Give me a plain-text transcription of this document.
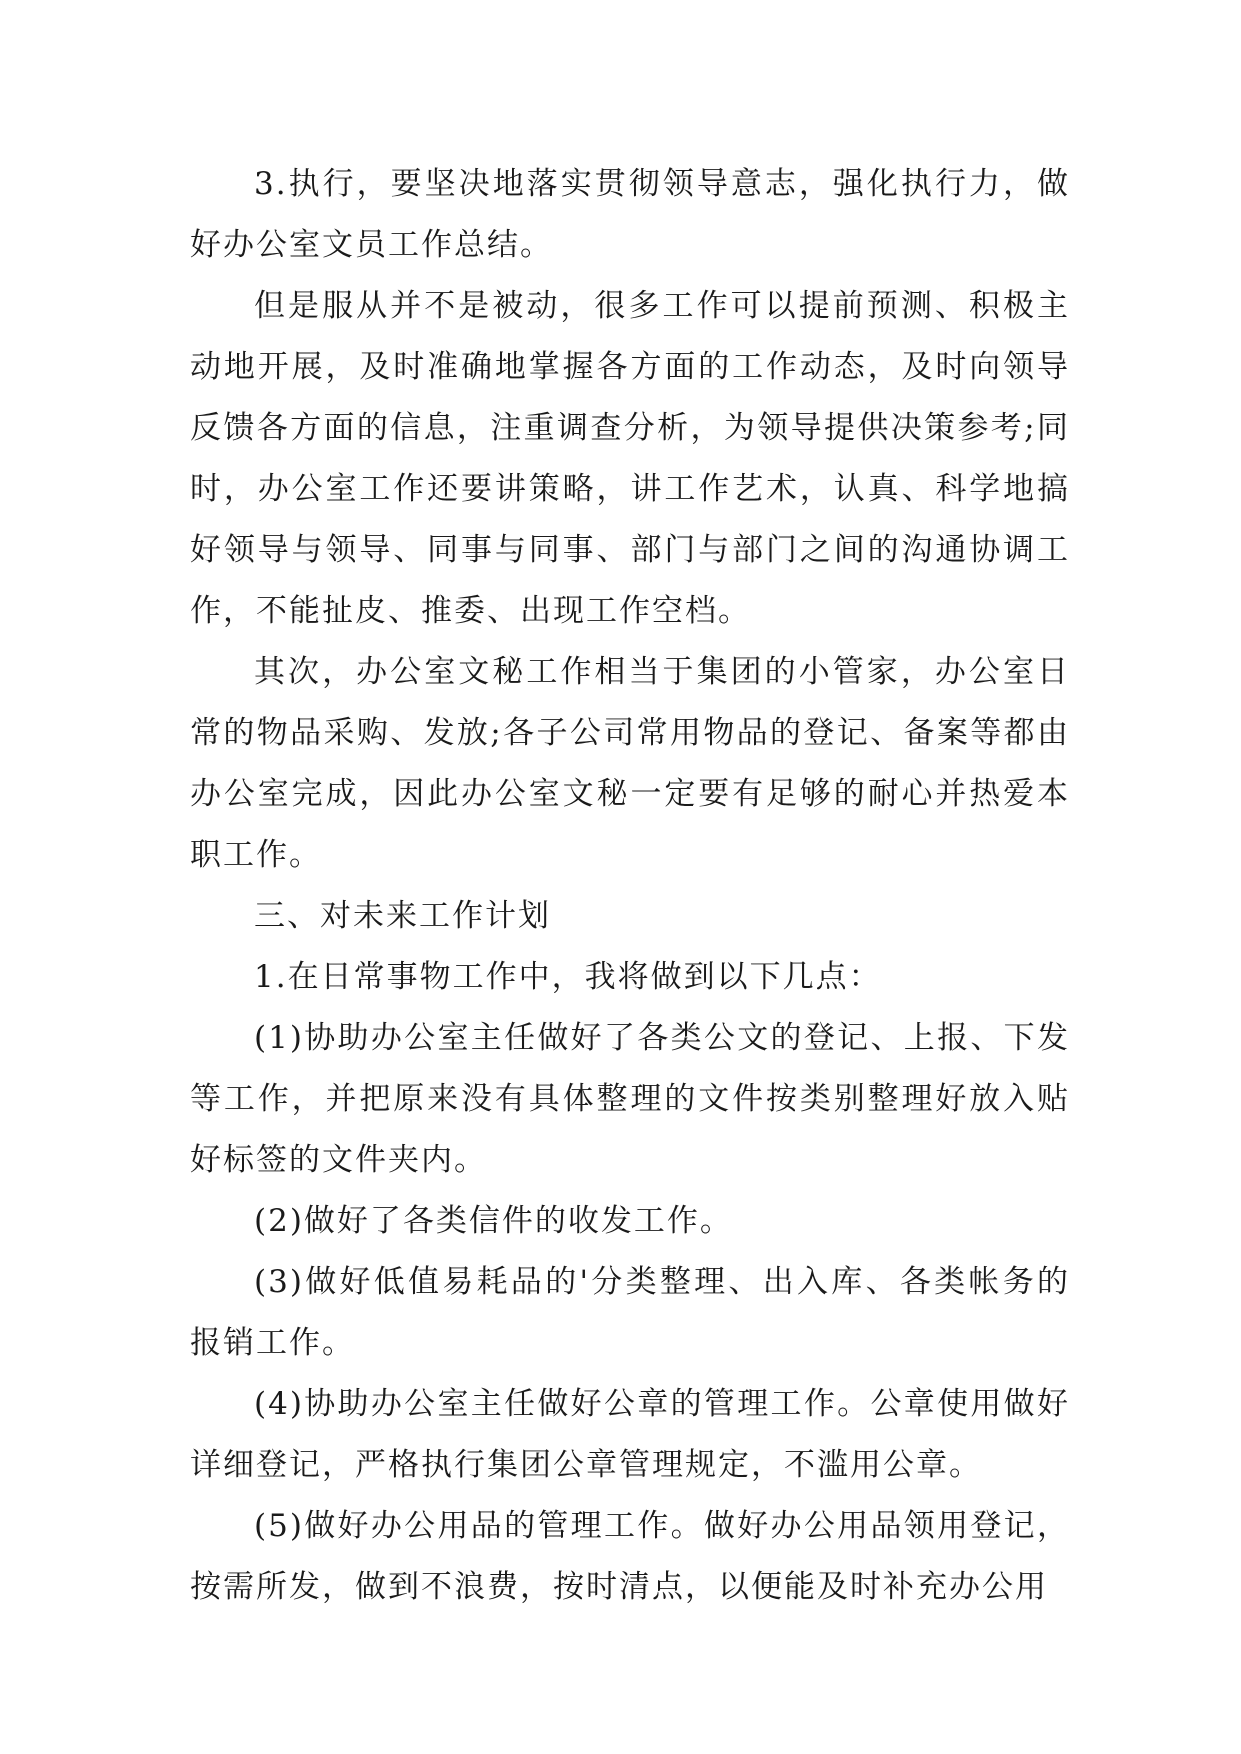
3.执行，要坚决地落实贯彻领导意志，强化执行力，做好办公室文员工作总结。

但是服从并不是被动，很多工作可以提前预测、积极主动地开展，及时准确地掌握各方面的工作动态，及时向领导反馈各方面的信息，注重调查分析，为领导提供决策参考;同时，办公室工作还要讲策略，讲工作艺术，认真、科学地搞好领导与领导、同事与同事、部门与部门之间的沟通协调工作，不能扯皮、推委、出现工作空档。

其次，办公室文秘工作相当于集团的小管家，办公室日常的物品采购、发放;各子公司常用物品的登记、备案等都由办公室完成，因此办公室文秘一定要有足够的耐心并热爱本职工作。

三、对未来工作计划

1.在日常事物工作中，我将做到以下几点：

(1)协助办公室主任做好了各类公文的登记、上报、下发等工作，并把原来没有具体整理的文件按类别整理好放入贴好标签的文件夹内。

(2)做好了各类信件的收发工作。

(3)做好低值易耗品的'分类整理、出入库、各类帐务的报销工作。

(4)协助办公室主任做好公章的管理工作。公章使用做好详细登记，严格执行集团公章管理规定，不滥用公章。

(5)做好办公用品的管理工作。做好办公用品领用登记，按需所发，做到不浪费，按时清点，以便能及时补充办公用
